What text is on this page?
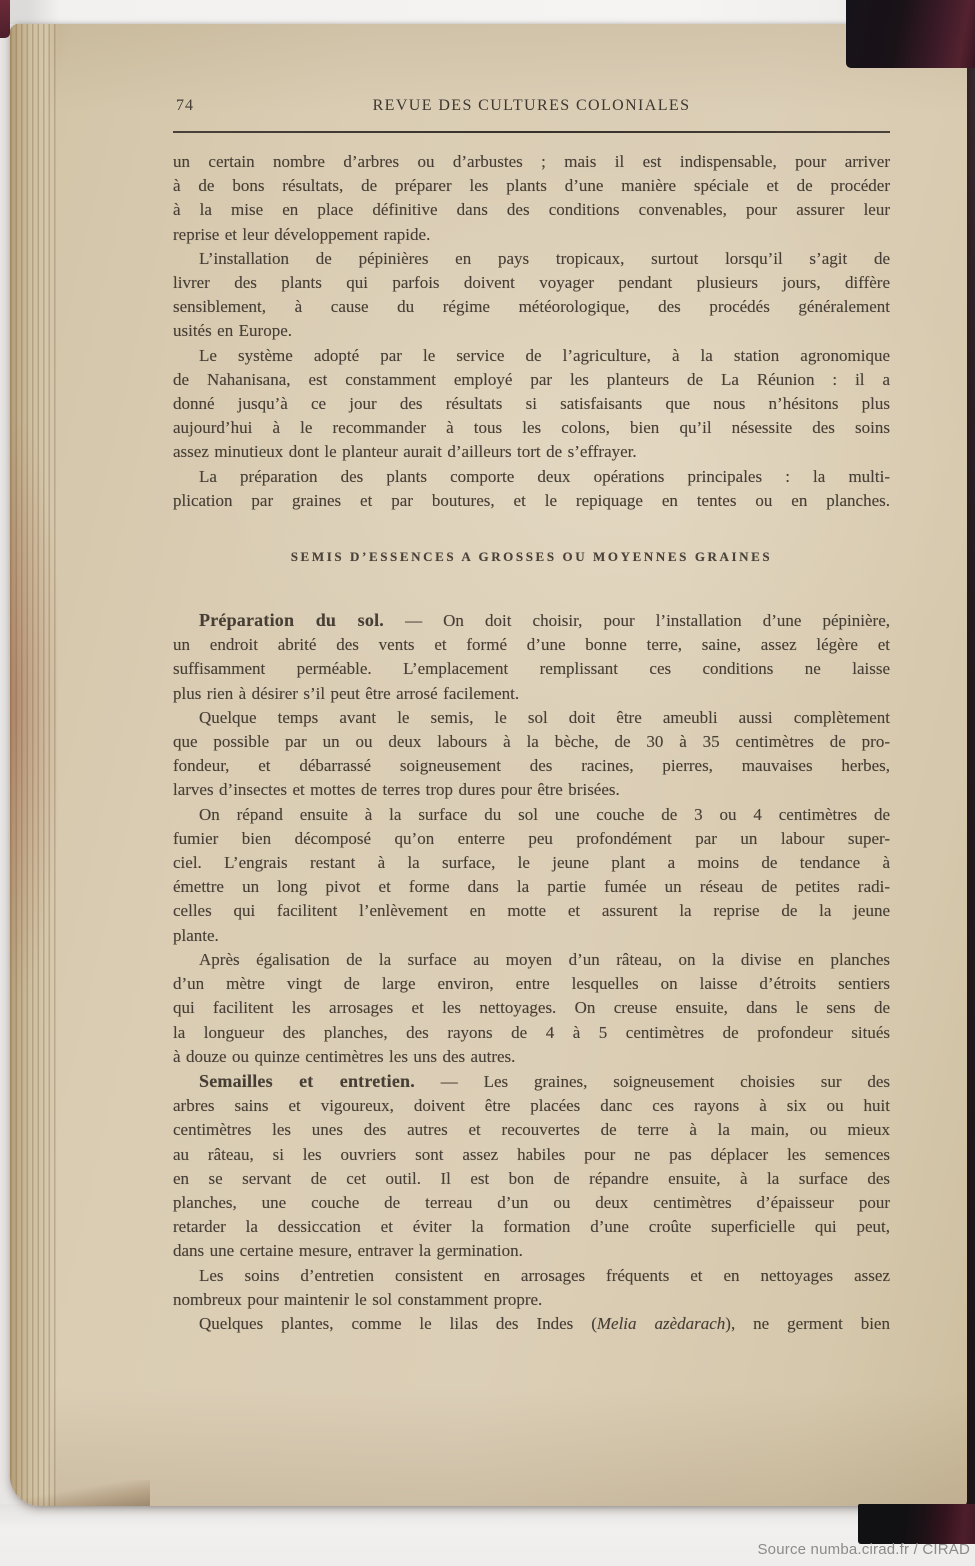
74	REVUE DES CULTURES COLONIALES
un certain nombre d’arbres ou d’arbustes ; mais il est indispensable, pour arriver
à de bons résultats, de préparer les plants d’une manière spéciale et de procéder
à la mise en place définitive dans des conditions convenables, pour assurer leur
reprise et leur développement rapide.
L’installation de pépinières en pays tropicaux, surtout lorsqu’il s’agit de
livrer des plants qui parfois doivent voyager pendant plusieurs jours, diffère
sensiblement, à cause du régime météorologique, des procédés généralement
usités en Europe.
Le système adopté par le service de l’agriculture, à la station agronomique
de Nahanisana, est constamment employé par les planteurs de La Réunion : il a
donné jusqu’à ce jour des résultats si satisfaisants que nous n’hésitons plus
aujourd’hui à le recommander à tous les colons, bien qu’il nésessite des soins
assez minutieux dont le planteur aurait d’ailleurs tort de s’effrayer.
La préparation des plants comporte deux opérations principales : la multi-
plication par graines et par boutures, et le repiquage en tentes ou en planches.
SEMIS D’ESSENCES A GROSSES OU MOYENNES GRAINES
Préparation du sol. — On doit choisir, pour l’installation d’une pépinière,
un endroit abrité des vents et formé d’une bonne terre, saine, assez légère et
suffisamment perméable. L’emplacement remplissant ces conditions ne laisse
plus rien à désirer s’il peut être arrosé facilement.
Quelque temps avant le semis, le sol doit être ameubli aussi complètement
que possible par un ou deux labours à la bèche, de 30 à 35 centimètres de pro-
fondeur, et débarrassé soigneusement des racines, pierres, mauvaises herbes,
larves d’insectes et mottes de terres trop dures pour être brisées.
On répand ensuite à la surface du sol une couche de 3 ou 4 centimètres de
fumier bien décomposé qu’on enterre peu profondément par un labour super-
ciel. L’engrais restant à la surface, le jeune plant a moins de tendance à
émettre un long pivot et forme dans la partie fumée un réseau de petites radi-
celles qui facilitent l’enlèvement en motte et assurent la reprise de la jeune
plante.
Après égalisation de la surface au moyen d’un râteau, on la divise en planches
d’un mètre vingt de large environ, entre lesquelles on laisse d’étroits sentiers
qui facilitent les arrosages et les nettoyages. On creuse ensuite, dans le sens de
la longueur des planches, des rayons de 4 à 5 centimètres de profondeur situés
à douze ou quinze centimètres les uns des autres.
Semailles et entretien. — Les graines, soigneusement choisies sur des
arbres sains et vigoureux, doivent être placées danc ces rayons à six ou huit
centimètres les unes des autres et recouvertes de terre à la main, ou mieux
au râteau, si les ouvriers sont assez habiles pour ne pas déplacer les semences
en se servant de cet outil. Il est bon de répandre ensuite, à la surface des
planches, une couche de terreau d’un ou deux centimètres d’épaisseur pour
retarder la dessiccation et éviter la formation d’une croûte superficielle qui peut,
dans une certaine mesure, entraver la germination.
Les soins d’entretien consistent en arrosages fréquents et en nettoyages assez
nombreux pour maintenir le sol constamment propre.
Quelques plantes, comme le lilas des Indes (Melia azèdarach), ne germent bien
Source numba.cirad.fr / CIRAD
